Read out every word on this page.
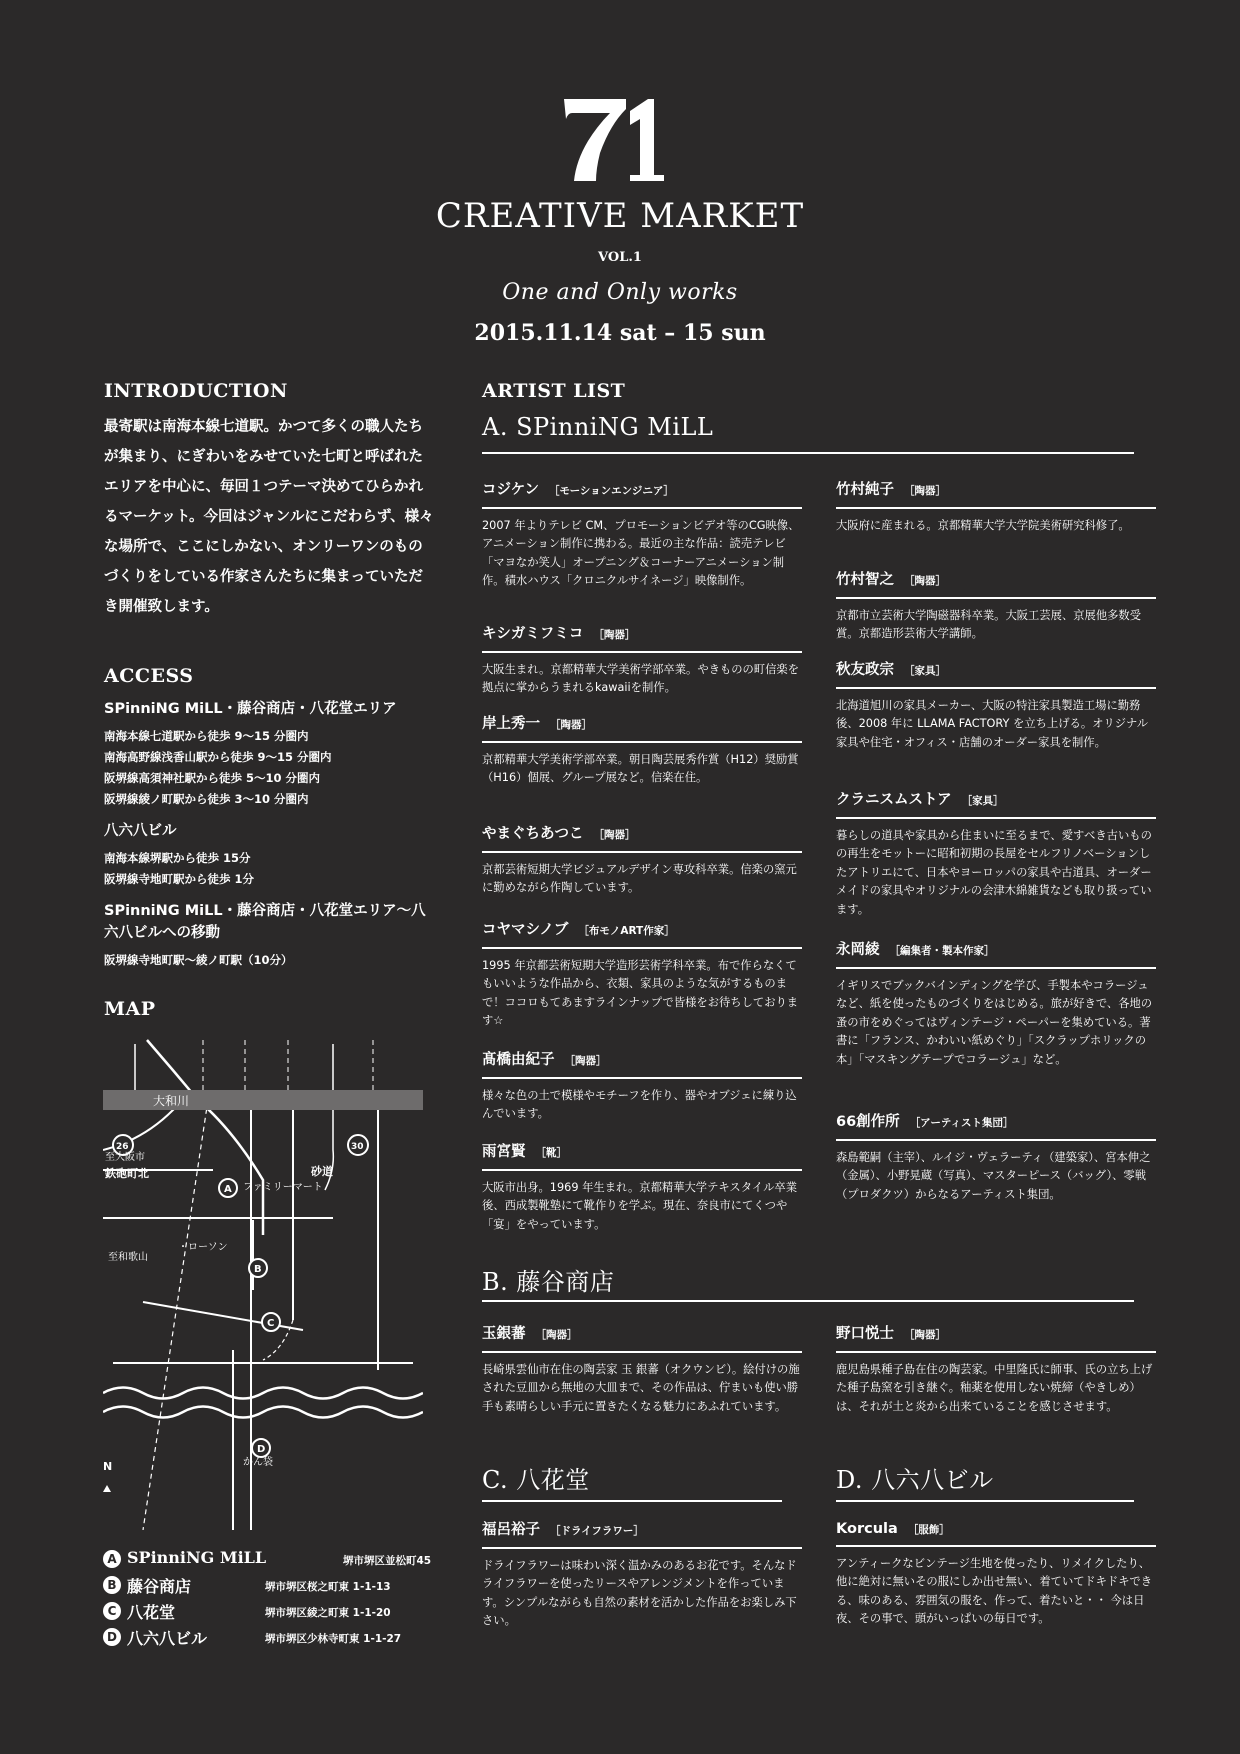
CREATIVE MARKET
VOL.1
One and Only works
2015.11.14 sat – 15 sun
INTRODUCTION
最寄駅は南海本線七道駅。かつて多くの職人たちが集まり、にぎわいをみせていた七町と呼ばれたエリアを中心に、毎回１つテーマ決めてひらかれるマーケット。今回はジャンルにこだわらず、様々な場所で、ここにしかない、オンリーワンのものづくりをしている作家さんたちに集まっていただき開催致します。
ACCESS
SPinniNG MiLL・藤谷商店・八花堂エリア
南海本線七道駅から徒歩 9〜15 分圏内
南海高野線浅香山駅から徒歩 9〜15 分圏内
阪堺線高須神社駅から徒歩 5〜10 分圏内
阪堺線綾ノ町駅から徒歩 3〜10 分圏内
八六八ビル
南海本線堺駅から徒歩 15分
阪堺線寺地町駅から徒歩 1分
SPinniNG MiLL・藤谷商店・八花堂エリア〜八六八ビルへの移動
阪堺線寺地町駅〜綾ノ町駅（10分）
MAP
大和川
26	30
至大阪市
鉄砲町北	砂道
ファミリーマート
・ローソン
至和歌山
かん袋
A
B
C
D
N
A SPinniNG MiLL	堺市堺区並松町45
B 藤谷商店	堺市堺区桜之町東 1-1-13
C 八花堂	堺市堺区綾之町東 1-1-20
D 八六八ビル	堺市堺区少林寺町東 1-1-27
ARTIST LIST
A. SPinniNG MiLL
コジケン ［モーションエンジニア］
2007 年よりテレビ CM、プロモーションビデオ等のCG映像、アニメーション制作に携わる。最近の主な作品：読売テレビ「マヨなか笑人」オープニング＆コーナーアニメーション制作。積水ハウス「クロニクルサイネージ」映像制作。
キシガミフミコ ［陶器］
大阪生まれ。京都精華大学美術学部卒業。やきものの町信楽を拠点に掌からうまれるkawaiiを制作。
岸上秀一 ［陶器］
京都精華大学美術学部卒業。朝日陶芸展秀作賞（H12）奨励賞（H16）個展、グループ展など。信楽在住。
やまぐちあつこ ［陶器］
京都芸術短期大学ビジュアルデザイン専攻科卒業。信楽の窯元に勤めながら作陶しています。
コヤマシノブ ［布モノART作家］
1995 年京都芸術短期大学造形芸術学科卒業。布で作らなくてもいいような作品から、衣類、家具のような気がするものまで！ココロもてあますラインナップで皆様をお待ちしております☆
髙橋由紀子 ［陶器］
様々な色の土で模様やモチーフを作り、器やオブジェに練り込んでいます。
雨宮賢 ［靴］
大阪市出身。1969 年生まれ。京都精華大学テキスタイル卒業後、西成製靴塾にて靴作りを学ぶ。現在、奈良市にてくつや「宴」をやっています。
竹村純子 ［陶器］
大阪府に産まれる。京都精華大学大学院美術研究科修了。
竹村智之 ［陶器］
京都市立芸術大学陶磁器科卒業。大阪工芸展、京展他多数受賞。京都造形芸術大学講師。
秋友政宗 ［家具］
北海道旭川の家具メーカー、大阪の特注家具製造工場に勤務後、2008 年に LLAMA FACTORY を立ち上げる。オリジナル家具や住宅・オフィス・店舗のオーダー家具を制作。
クラニスムストア ［家具］
暮らしの道具や家具から住まいに至るまで、愛すべき古いものの再生をモットーに昭和初期の長屋をセルフリノベーションしたアトリエにて、日本やヨーロッパの家具や古道具、オーダーメイドの家具やオリジナルの会津木綿雑貨なども取り扱っています。
永岡綾 ［編集者・製本作家］
イギリスでブックバインディングを学び、手製本やコラージュなど、紙を使ったものづくりをはじめる。旅が好きで、各地の蚤の市をめぐってはヴィンテージ・ペーパーを集めている。著書に「フランス、かわいい紙めぐり」「スクラップホリックの本」「マスキングテープでコラージュ」など。
66創作所 ［アーティスト集団］
森島範嗣（主宰）、ルイジ・ヴェラーティ（建築家）、宮本伸之（金属）、小野晃蔵（写真）、マスターピース（バッグ）、零戦（プロダクツ）からなるアーティスト集団。
B. 藤谷商店
玉銀蕃 ［陶器］
長崎県雲仙市在住の陶芸家 玉 銀蕃（オクウンビ）。絵付けの施された豆皿から無地の大皿まで、その作品は、佇まいも使い勝手も素晴らしい手元に置きたくなる魅力にあふれています。
野口悦士 ［陶器］
鹿児島県種子島在住の陶芸家。中里隆氏に師事、氏の立ち上げた種子島窯を引き継ぐ。釉薬を使用しない焼締（やきしめ）は、それが土と炎から出来ていることを感じさせます。
C. 八花堂	D. 八六八ビル
福呂裕子 ［ドライフラワー］
ドライフラワーは味わい深く温かみのあるお花です。そんなドライフラワーを使ったリースやアレンジメントを作っています。シンプルながらも自然の素材を活かした作品をお楽しみ下さい。
Korcula ［服飾］
アンティークなビンテージ生地を使ったり、リメイクしたり、他に絶対に無いその服にしか出せ無い、着ていてドキドキできる、味のある、雰囲気の服を、作って、着たいと・・ 今は日夜、その事で、頭がいっぱいの毎日です。
